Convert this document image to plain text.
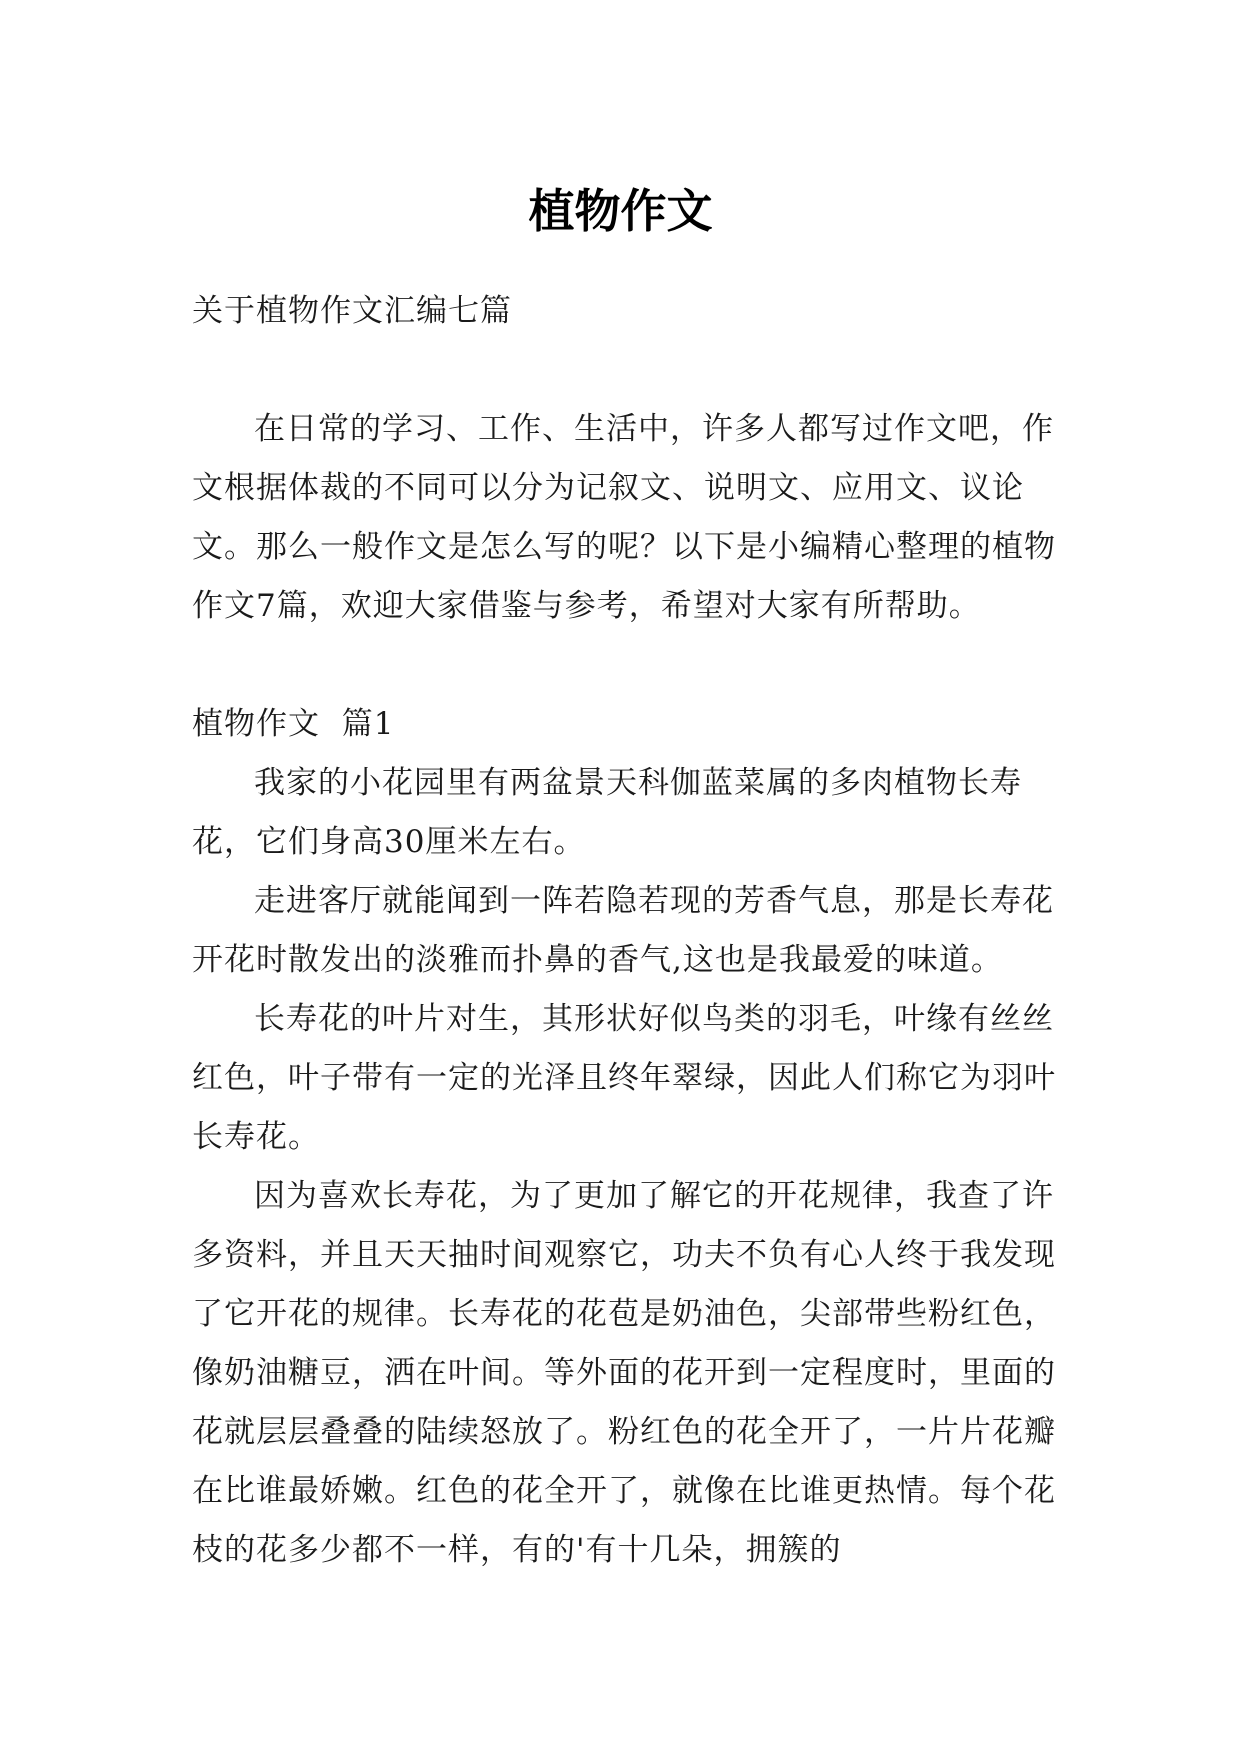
植物作文

关于植物作文汇编七篇

在日常的学习、工作、生活中，许多人都写过作文吧，作文根据体裁的不同可以分为记叙文、说明文、应用文、议论文。那么一般作文是怎么写的呢？以下是小编精心整理的植物作文7篇，欢迎大家借鉴与参考，希望对大家有所帮助。

植物作文  篇1

我家的小花园里有两盆景天科伽蓝菜属的多肉植物长寿花，它们身高30厘米左右。

走进客厅就能闻到一阵若隐若现的芳香气息，那是长寿花开花时散发出的淡雅而扑鼻的香气,这也是我最爱的味道。

长寿花的叶片对生，其形状好似鸟类的羽毛，叶缘有丝丝红色，叶子带有一定的光泽且终年翠绿，因此人们称它为羽叶长寿花。

因为喜欢长寿花，为了更加了解它的开花规律，我查了许多资料，并且天天抽时间观察它，功夫不负有心人终于我发现了它开花的规律。长寿花的花苞是奶油色，尖部带些粉红色，像奶油糖豆，洒在叶间。等外面的花开到一定程度时，里面的花就层层叠叠的陆续怒放了。粉红色的花全开了，一片片花瓣在比谁最娇嫩。红色的花全开了，就像在比谁更热情。每个花枝的花多少都不一样，有的'有十几朵，拥簇的
